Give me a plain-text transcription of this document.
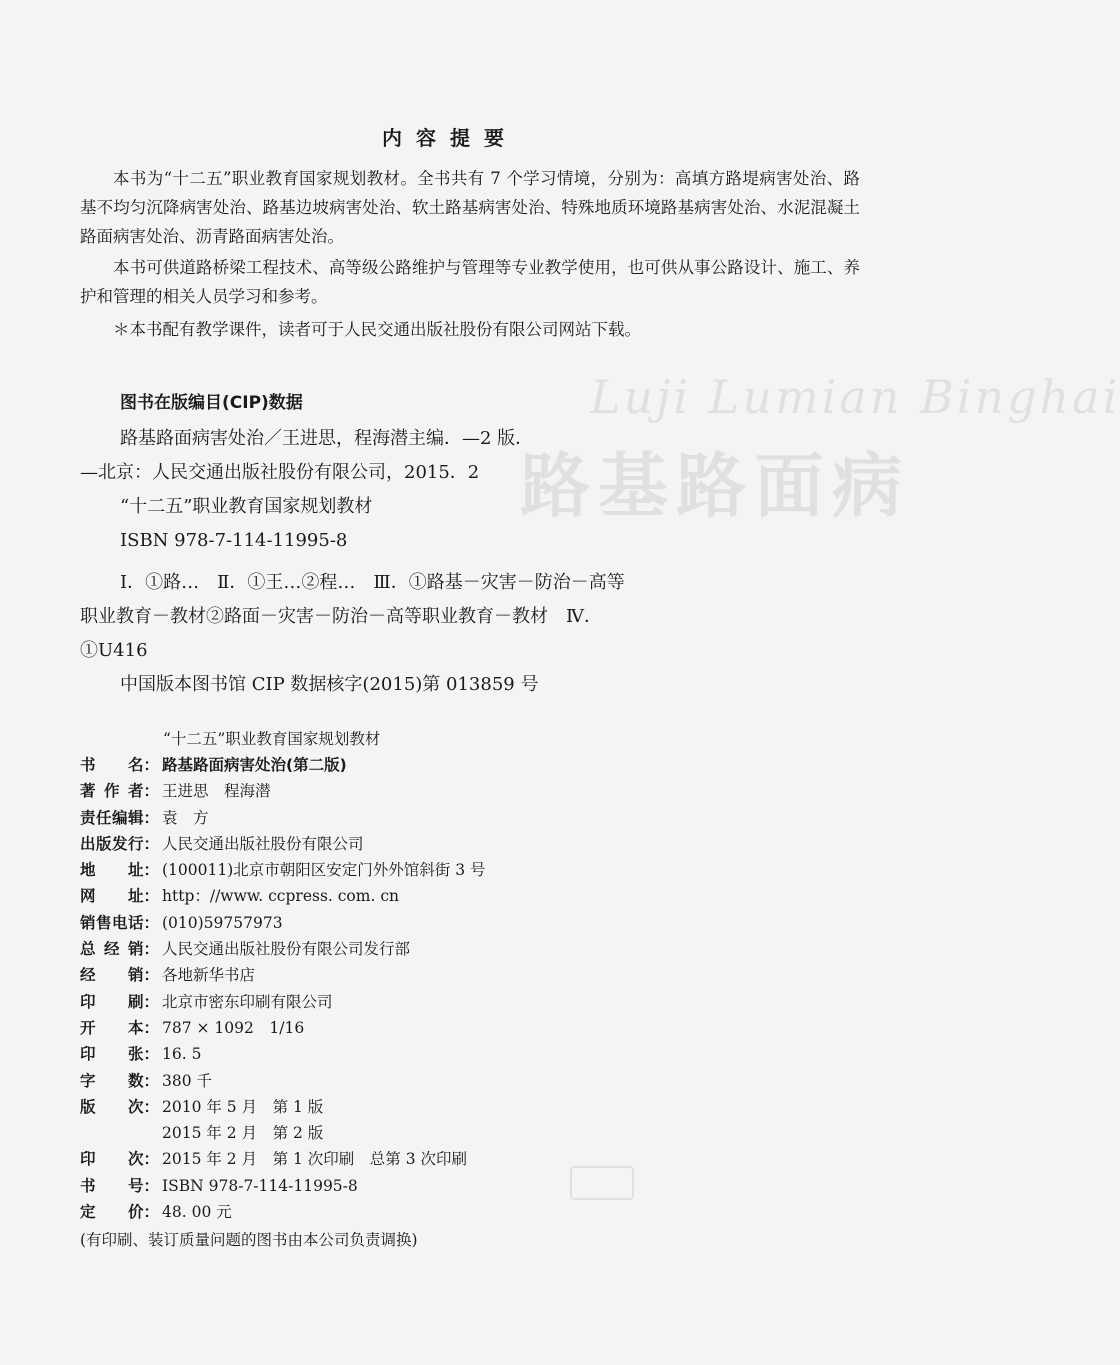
Luji Lumian Binghai
路基路面病
内容提要

本书为“十二五”职业教育国家规划教材。全书共有 7 个学习情境，分别为：高填方路堤病害处治、路基不均匀沉降病害处治、路基边坡病害处治、软土路基病害处治、特殊地质环境路基病害处治、水泥混凝土路面病害处治、沥青路面病害处治。

本书可供道路桥梁工程技术、高等级公路维护与管理等专业教学使用，也可供从事公路设计、施工、养护和管理的相关人员学习和参考。

＊本书配有教学课件，读者可于人民交通出版社股份有限公司网站下载。

图书在版编目(CIP)数据
路基路面病害处治／王进思，程海潜主编．—2 版．
—北京：人民交通出版社股份有限公司，2015．2
“十二五”职业教育国家规划教材
ISBN 978-7-114-11995-8
Ⅰ．①路…　Ⅱ．①王…②程…　Ⅲ．①路基－灾害－防治－高等职业教育－教材②路面－灾害－防治－高等职业教育－教材　Ⅳ．①U416
中国版本图书馆 CIP 数据核字(2015)第 013859 号
“十二五”职业教育国家规划教材
书名 ： 路基路面病害处治(第二版)
著作者 ： 王进思　程海潜
责任编辑 ： 袁　方
出版发行 ： 人民交通出版社股份有限公司
地址 ： (100011)北京市朝阳区安定门外外馆斜街 3 号
网址 ： http：//www. ccpress. com. cn
销售电话 ： (010)59757973
总经销 ： 人民交通出版社股份有限公司发行部
经销 ： 各地新华书店
印刷 ： 北京市密东印刷有限公司
开本 ： 787 × 1092　1/16
印张 ： 16. 5
字数 ： 380 千
版次 ： 2010 年 5 月　第 1 版
2015 年 2 月　第 2 版
印次 ： 2015 年 2 月　第 1 次印刷　总第 3 次印刷
书号 ： ISBN 978-7-114-11995-8
定价 ： 48. 00 元
(有印刷、装订质量问题的图书由本公司负责调换)
